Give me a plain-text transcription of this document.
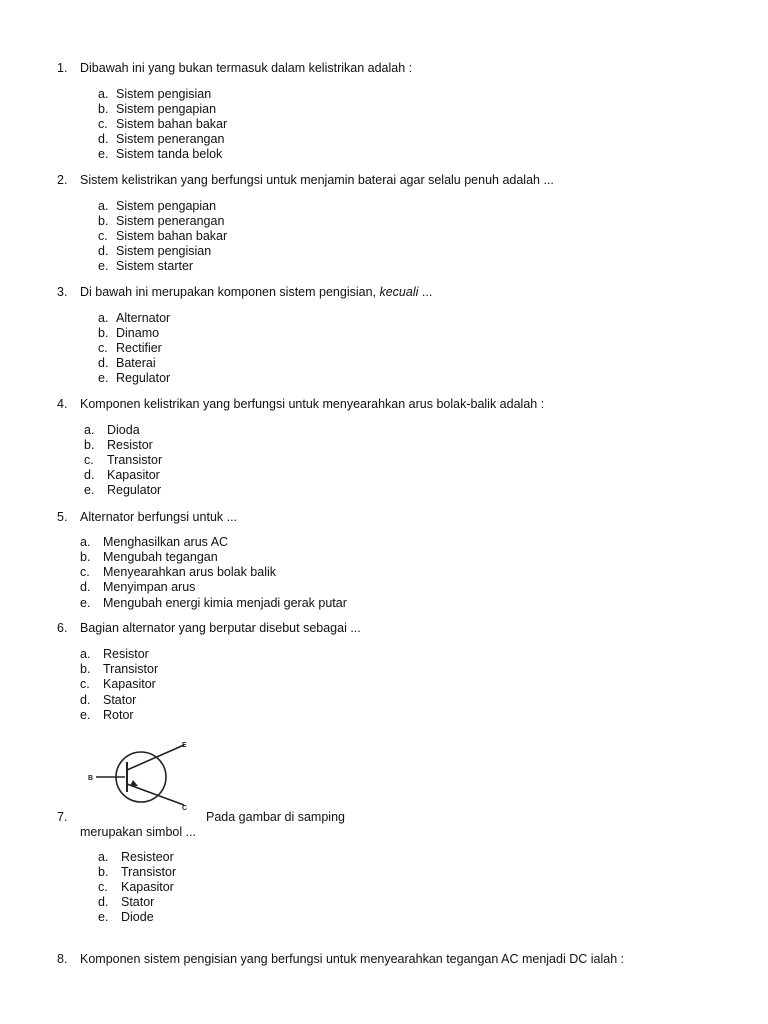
1. Dibawah ini yang bukan termasuk dalam kelistrikan adalah :
a. Sistem pengisian
b. Sistem pengapian
c. Sistem bahan bakar
d. Sistem penerangan
e. Sistem tanda belok
2. Sistem kelistrikan yang berfungsi untuk menjamin baterai agar selalu penuh adalah ...
a. Sistem pengapian
b. Sistem penerangan
c. Sistem bahan bakar
d. Sistem pengisian
e. Sistem starter
3. Di bawah ini merupakan komponen sistem pengisian, kecuali ...
a. Alternator
b. Dinamo
c. Rectifier
d. Baterai
e. Regulator
4. Komponen kelistrikan yang berfungsi untuk menyearahkan arus bolak-balik adalah :
a. Dioda
b. Resistor
c. Transistor
d. Kapasitor
e. Regulator
5. Alternator berfungsi untuk ...
a. Menghasilkan arus AC
b. Mengubah tegangan
c. Menyearahkan arus bolak balik
d. Menyimpan arus
e. Mengubah energi kimia menjadi gerak putar
6. Bagian alternator yang berputar disebut sebagai ...
a. Resistor
b. Transistor
c. Kapasitor
d. Stator
e. Rotor
E
B
C
7.	Pada gambar di samping
merupakan simbol ...
a. Resisteor
b. Transistor
c. Kapasitor
d. Stator
e. Diode
8. Komponen sistem pengisian yang berfungsi untuk menyearahkan tegangan AC menjadi DC ialah :
